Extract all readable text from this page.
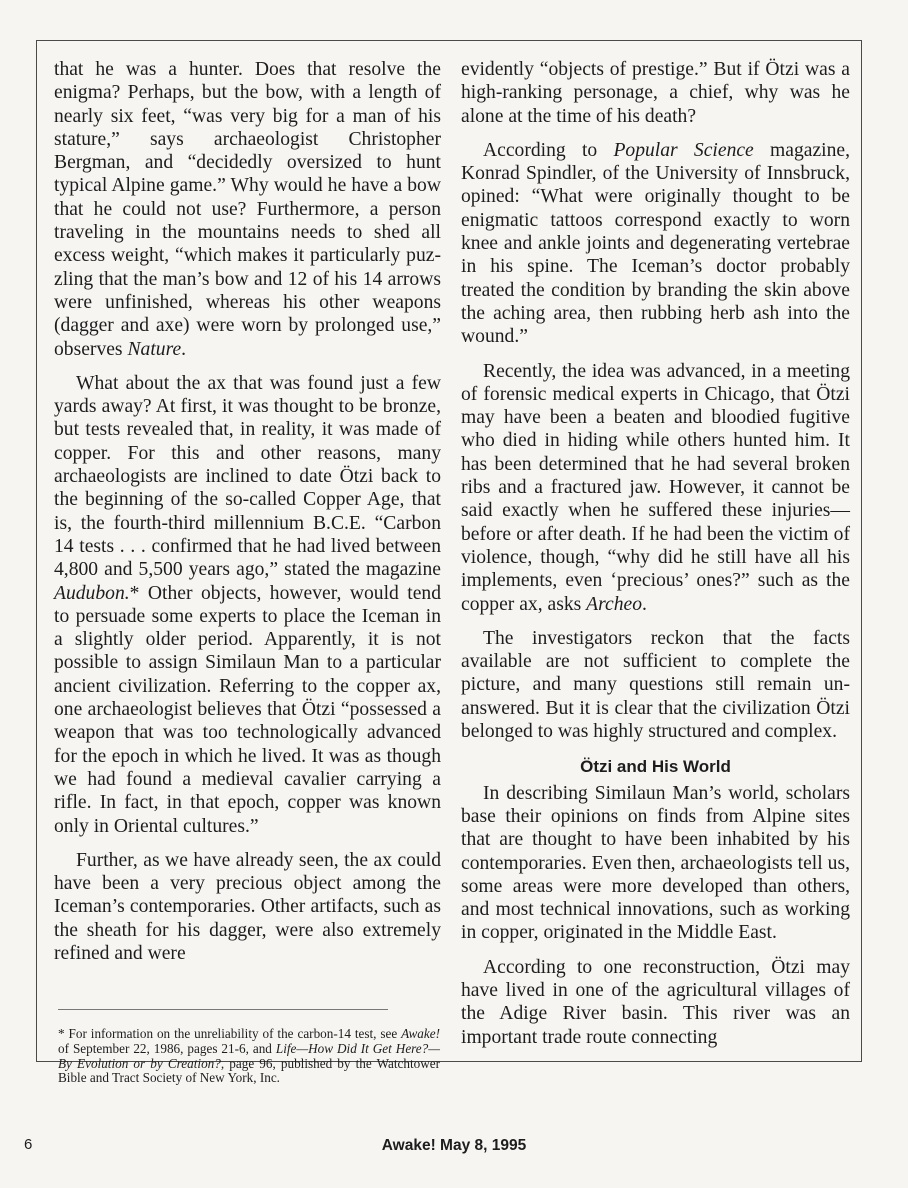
that he was a hunter. Does that resolve the enigma? Perhaps, but the bow, with a length of nearly six feet, “was very big for a man of his stature,” says archaeologist Christopher Bergman, and “decidedly oversized to hunt typical Alpine game.” Why would he have a bow that he could not use? Furthermore, a person traveling in the mountains needs to shed all excess weight, “which makes it particularly puzzling that the man’s bow and 12 of his 14 arrows were unfinished, whereas his other weapons (dagger and axe) were worn by prolonged use,” observes Nature.

What about the ax that was found just a few yards away? At first, it was thought to be bronze, but tests revealed that, in reality, it was made of copper. For this and other reasons, many archaeologists are inclined to date Ötzi back to the beginning of the so-called Copper Age, that is, the fourth-third millennium B.C.E. “Carbon 14 tests . . . confirmed that he had lived between 4,800 and 5,500 years ago,” stated the magazine Audubon.* Other objects, however, would tend to persuade some experts to place the Iceman in a slightly older period. Apparently, it is not possible to assign Similaun Man to a particular ancient civilization. Referring to the copper ax, one archaeologist believes that Ötzi “possessed a weapon that was too technologically advanced for the epoch in which he lived. It was as though we had found a medieval cavalier carrying a rifle. In fact, in that epoch, copper was known only in Oriental cultures.”

Further, as we have already seen, the ax could have been a very precious object among the Iceman’s contemporaries. Other artifacts, such as the sheath for his dagger, were also extremely refined and were

* For information on the unreliability of the carbon-14 test, see Awake! of September 22, 1986, pages 21-6, and Life—How Did It Get Here?—By Evolution or by Creation?, page 96, published by the Watchtower Bible and Tract Society of New York, Inc.

evidently “objects of prestige.” But if Ötzi was a high-ranking personage, a chief, why was he alone at the time of his death?

According to Popular Science magazine, Konrad Spindler, of the University of Innsbruck, opined: “What were originally thought to be enigmatic tattoos correspond exactly to worn knee and ankle joints and degenerating vertebrae in his spine. The Iceman’s doctor probably treated the condition by branding the skin above the aching area, then rubbing herb ash into the wound.”

Recently, the idea was advanced, in a meeting of forensic medical experts in Chicago, that Ötzi may have been a beaten and bloodied fugitive who died in hiding while others hunted him. It has been determined that he had several broken ribs and a fractured jaw. However, it cannot be said exactly when he suffered these injuries—before or after death. If he had been the victim of violence, though, “why did he still have all his implements, even ‘precious’ ones?” such as the copper ax, asks Archeo.

The investigators reckon that the facts available are not sufficient to complete the picture, and many questions still remain unanswered. But it is clear that the civilization Ötzi belonged to was highly structured and complex.

Ötzi and His World

In describing Similaun Man’s world, scholars base their opinions on finds from Alpine sites that are thought to have been inhabited by his contemporaries. Even then, archaeologists tell us, some areas were more developed than others, and most technical innovations, such as working in copper, originated in the Middle East.

According to one reconstruction, Ötzi may have lived in one of the agricultural villages of the Adige River basin. This river was an important trade route connecting

6	Awake! May 8, 1995
